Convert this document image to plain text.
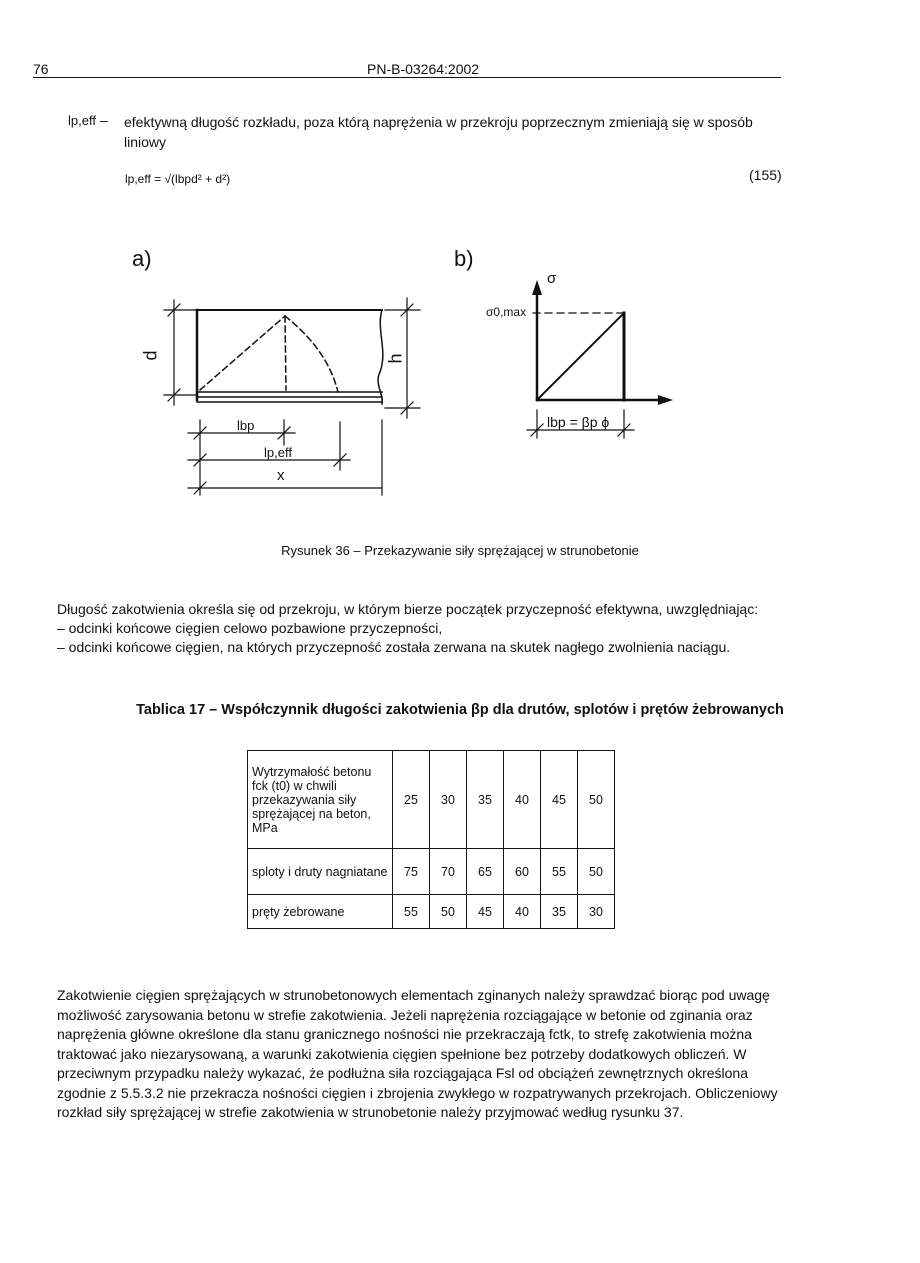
76	PN-B-03264:2002
lp,eff – efektywną długość rozkładu, poza którą naprężenia w przekroju poprzecznym zmieniają się w sposób liniowy
lp,eff = √(lbpd² + d²)	(155)
a)	b)
d	h
lbp
lp,eff
x
σ
σ0,max
lbp = βp ϕ
Rysunek 36 – Przekazywanie siły sprężającej w strunobetonie
Długość zakotwienia określa się od przekroju, w którym bierze początek przyczepność efektywna, uwzględniając:
– odcinki końcowe cięgien celowo pozbawione przyczepności,
– odcinki końcowe cięgien, na których przyczepność została zerwana na skutek nagłego zwolnienia naciągu.
Tablica 17 – Współczynnik długości zakotwienia βp dla drutów, splotów i prętów żebrowanych
Wytrzymałość betonu fck (t0) w chwili przekazywania siły sprężającej na beton, MPa	25	30	35	40	45	50
sploty i druty nagniatane	75	70	65	60	55	50
pręty żebrowane	55	50	45	40	35	30
Zakotwienie cięgien sprężających w strunobetonowych elementach zginanych należy sprawdzać biorąc pod uwagę możliwość zarysowania betonu w strefie zakotwienia. Jeżeli naprężenia rozciągające w betonie od zginania oraz naprężenia główne określone dla stanu granicznego nośności nie przekraczają fctk, to strefę zakotwienia można traktować jako niezarysowaną, a warunki zakotwienia cięgien spełnione bez potrzeby dodatkowych obliczeń. W przeciwnym przypadku należy wykazać, że podłużna siła rozciągająca Fsl od obciążeń zewnętrznych określona zgodnie z 5.5.3.2 nie przekracza nośności cięgien i zbrojenia zwykłego w rozpatrywanych przekrojach. Obliczeniowy rozkład siły sprężającej w strefie zakotwienia w strunobetonie należy przyjmować według rysunku 37.
